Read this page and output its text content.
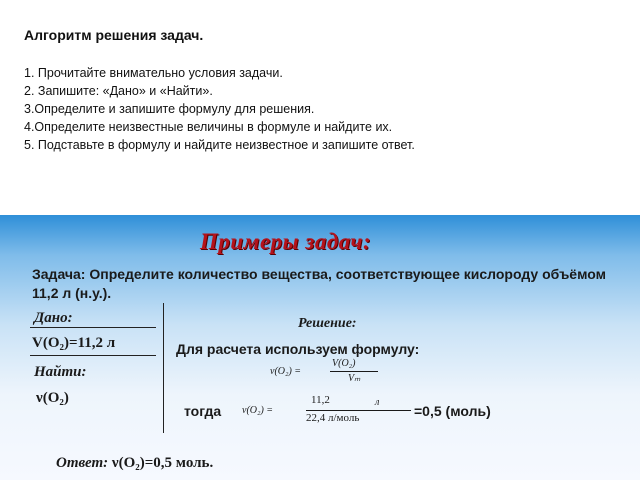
Алгоритм решения задач.
1. Прочитайте внимательно условия задачи.
2. Запишите: «Дано» и «Найти».
3.Определите и запишите формулу для решения.
4.Определите неизвестные величины в формуле и найдите их.
5. Подставьте в формулу и найдите неизвестное и запишите ответ.
Примеры задач:
Задача: Определите количество вещества, соответствующее кислороду объёмом 11,2 л (н.у.).
Дано:
V(O₂)=11,2 л
Найти:
ν(O₂)
Решение:
Для расчета используем формулу:
ν(O₂) =
V(O₂)
Vₘ
тогда ν(O₂) =
11,2	л
22,4 л/моль	=0,5 (моль)
Ответ: ν(O₂)=0,5 моль.
